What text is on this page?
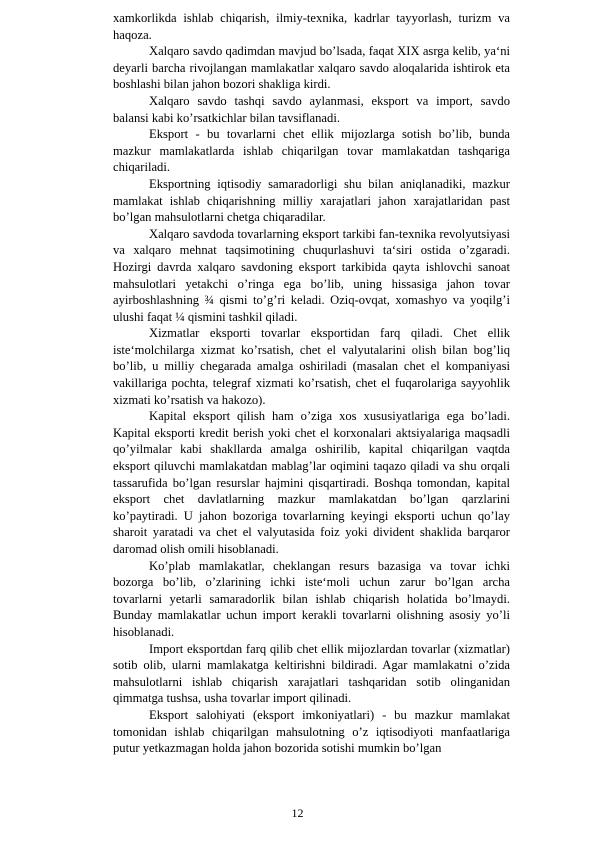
xamkorlikda ishlab chiqarish, ilmiy-texnika, kadrlar tayyorlash, turizm va haqoza.

Xalqaro savdo qadimdan mavjud bo’lsada, faqat XIX asrga kelib, ya‘ni deyarli barcha rivojlangan mamlakatlar xalqaro savdo aloqalarida ishtirok eta boshlashi bilan jahon bozori shakliga kirdi.

Xalqaro savdo tashqi savdo aylanmasi, eksport va import, savdo balansi kabi ko’rsatkichlar bilan tavsiflanadi.

Eksport - bu tovarlarni chet ellik mijozlarga sotish bo’lib, bunda mazkur mamlakatlarda ishlab chiqarilgan tovar mamlakatdan tashqariga chiqariladi.

Eksportning iqtisodiy samaradorligi shu bilan aniqlanadiki, mazkur mamlakat ishlab chiqarishning milliy xarajatlari jahon xarajatlaridan past bo’lgan mahsulotlarni chetga chiqaradilar.

Xalqaro savdoda tovarlarning eksport tarkibi fan-texnika revolyutsiyasi va xalqaro mehnat taqsimotining chuqurlashuvi ta‘siri ostida o’zgaradi. Hozirgi davrda xalqaro savdoning eksport tarkibida qayta ishlovchi sanoat mahsulotlari yetakchi o’ringa ega bo’lib, uning hissasiga jahon tovar ayirboshlashning ¾ qismi to’g’ri keladi. Oziq-ovqat, xomashyo va yoqilg’i ulushi faqat ¼ qismini tashkil qiladi.

Xizmatlar eksporti tovarlar eksportidan farq qiladi. Chet ellik iste‘molchilarga xizmat ko’rsatish, chet el valyutalarini olish bilan bog’liq bo’lib, u milliy chegarada amalga oshiriladi (masalan chet el kompaniyasi vakillariga pochta, telegraf xizmati ko’rsatish, chet el fuqarolariga sayyohlik xizmati ko’rsatish va hakozo).

Kapital eksport qilish ham o’ziga xos xususiyatlariga ega bo’ladi. Kapital eksporti kredit berish yoki chet el korxonalari aktsiyalariga maqsadli qo’yilmalar kabi shakllarda amalga oshirilib, kapital chiqarilgan vaqtda eksport qiluvchi mamlakatdan mablag’lar oqimini taqazo qiladi va shu orqali tassarufida bo’lgan resurslar hajmini qisqartiradi. Boshqa tomondan, kapital eksport chet davlatlarning mazkur mamlakatdan bo’lgan qarzlarini ko’paytiradi. U jahon bozoriga tovarlarning keyingi eksporti uchun qo’lay sharoit yaratadi va chet el valyutasida foiz yoki divident shaklida barqaror daromad olish omili hisoblanadi.

Ko’plab mamlakatlar, cheklangan resurs bazasiga va tovar ichki bozorga bo’lib, o’zlarining ichki iste‘moli uchun zarur bo’lgan archa tovarlarni yetarli samaradorlik bilan ishlab chiqarish holatida bo’lmaydi. Bunday mamlakatlar uchun import kerakli tovarlarni olishning asosiy yo’li hisoblanadi.

Import eksportdan farq qilib chet ellik mijozlardan tovarlar (xizmatlar) sotib olib, ularni mamlakatga keltirishni bildiradi. Agar mamlakatni o’zida mahsulotlarni ishlab chiqarish xarajatlari tashqaridan sotib olinganidan qimmatga tushsa, usha tovarlar import qilinadi.

Eksport salohiyati (eksport imkoniyatlari) - bu mazkur mamlakat tomonidan ishlab chiqarilgan mahsulotning o’z iqtisodiyoti manfaatlariga putur yetkazmagan holda jahon bozorida sotishi mumkin bo’lgan

12
